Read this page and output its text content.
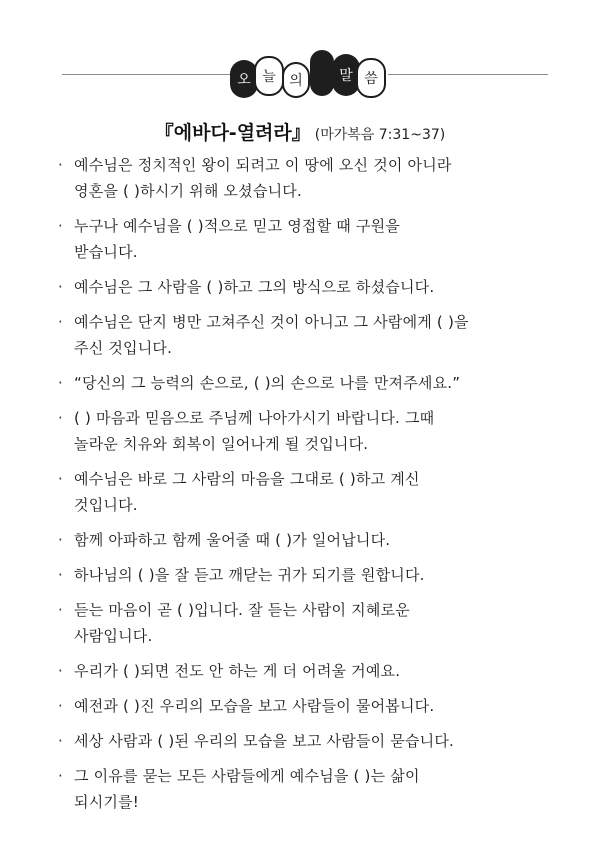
오 늘 의	말 씀
『에바다-열려라』 (마가복음 7:31~37)
· 예수님은 정치적인 왕이 되려고 이 땅에 오신 것이 아니라
영혼을 ( )하시기 위해 오셨습니다.
· 누구나 예수님을 ( )적으로 믿고 영접할 때 구원을
받습니다.
· 예수님은 그 사람을 ( )하고 그의 방식으로 하셨습니다.
· 예수님은 단지 병만 고쳐주신 것이 아니고 그 사람에게 ( )을
주신 것입니다.
· “당신의 그 능력의 손으로, ( )의 손으로 나를 만져주세요.”
· ( ) 마음과 믿음으로 주님께 나아가시기 바랍니다. 그때
놀라운 치유와 회복이 일어나게 될 것입니다.
· 예수님은 바로 그 사람의 마음을 그대로 ( )하고 계신
것입니다.
· 함께 아파하고 함께 울어줄 때 ( )가 일어납니다.
· 하나님의 ( )을 잘 듣고 깨닫는 귀가 되기를 원합니다.
· 듣는 마음이 곧 ( )입니다. 잘 듣는 사람이 지혜로운
사람입니다.
· 우리가 ( )되면 전도 안 하는 게 더 어려울 거예요.
· 예전과 ( )진 우리의 모습을 보고 사람들이 물어봅니다.
· 세상 사람과 ( )된 우리의 모습을 보고 사람들이 묻습니다.
· 그 이유를 묻는 모든 사람들에게 예수님을 ( )는 삶이
되시기를!
